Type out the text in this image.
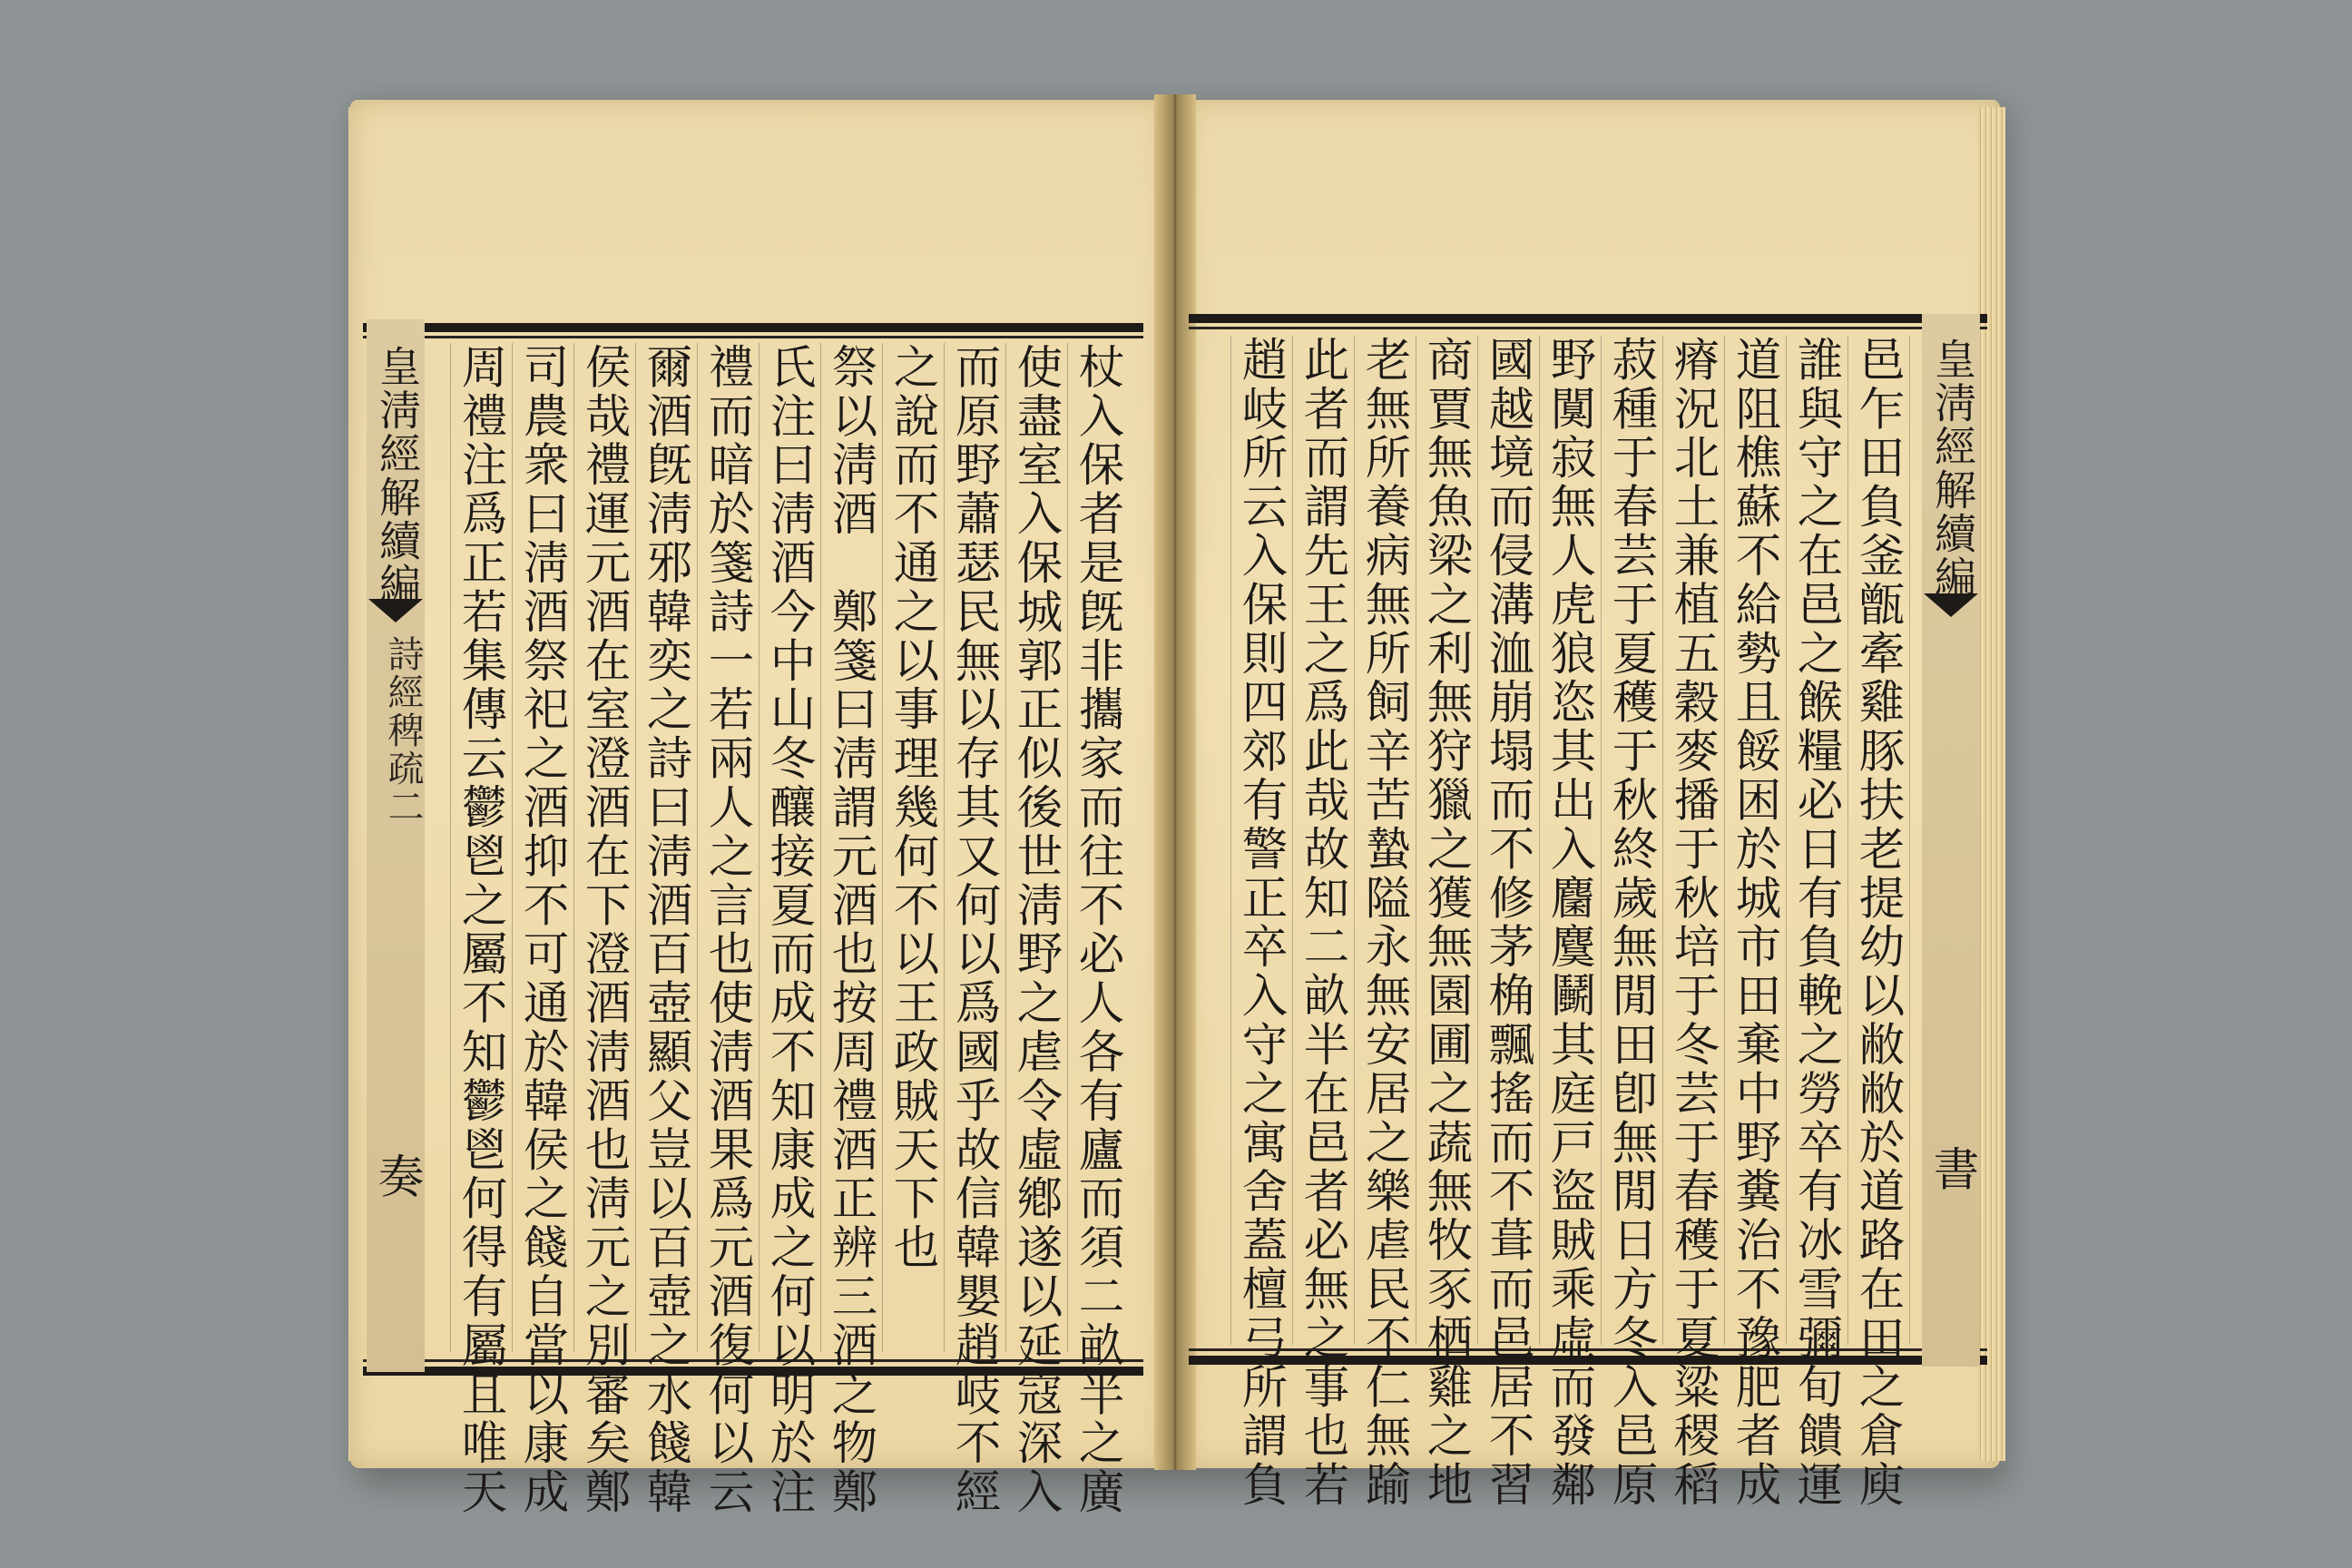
皇淸經解續編
詩經稗疏二
奏	杖入保者是旣非攜家而往不必人各有廬而須二畝半之廣
使盡室入保城郭正似後世淸野之虐令虛鄕遂以延寇深入
而原野蕭瑟民無以存其又何以爲國乎故信韓嬰趙岐不經
之說而不通之以事理幾何不以王政賊天下也
祭以淸酒　鄭箋曰淸謂元酒也按周禮酒正辨三酒之物鄭
氏注曰淸酒今中山冬釀接夏而成不知康成之何以明於注
禮而暗於箋詩一若兩人之言也使淸酒果爲元酒復何以云
爾酒旣淸邪韓奕之詩曰淸酒百壺顯父豈以百壺之水餞韓
侯哉禮運元酒在室澄酒在下澄酒淸酒也淸元之別審矣鄭
司農衆曰淸酒祭祀之酒抑不可通於韓侯之餞自當以康成
周禮注爲正若集傳云鬱鬯之屬不知鬱鬯何得有屬且唯天	皇淸經解續編
書
邑乍田負釜甑牽雞豚扶老提幼以敝敝於道路在田之倉庾
誰與守之在邑之餱糧必日有負輓之勞卒有冰雪彌旬饋運
道阻樵蘇不給勢且餒困於城市田棄中野糞治不豫肥者成
瘠況北土兼植五穀麥播于秋培于冬芸于春穫于夏粱稷稻
菽種于春芸于夏穫于秋終歲無閒田卽無閒日方冬入邑原
野闃寂無人虎狼恣其出入麕麌鬭其庭戸盜賊乘虛而發鄰
國越境而侵溝洫崩塌而不修茅桷飄搖而不葺而邑居不習
商賈無魚梁之利無狩獵之獲無園圃之蔬無牧豕栖雞之地
老無所養病無所飼辛苦蟄隘永無安居之樂虐民不仁無踰
此者而謂先王之爲此哉故知二畝半在邑者必無之事也若
趙岐所云入保則四郊有警正卒入守之寓舍蓋檀弓所謂負
